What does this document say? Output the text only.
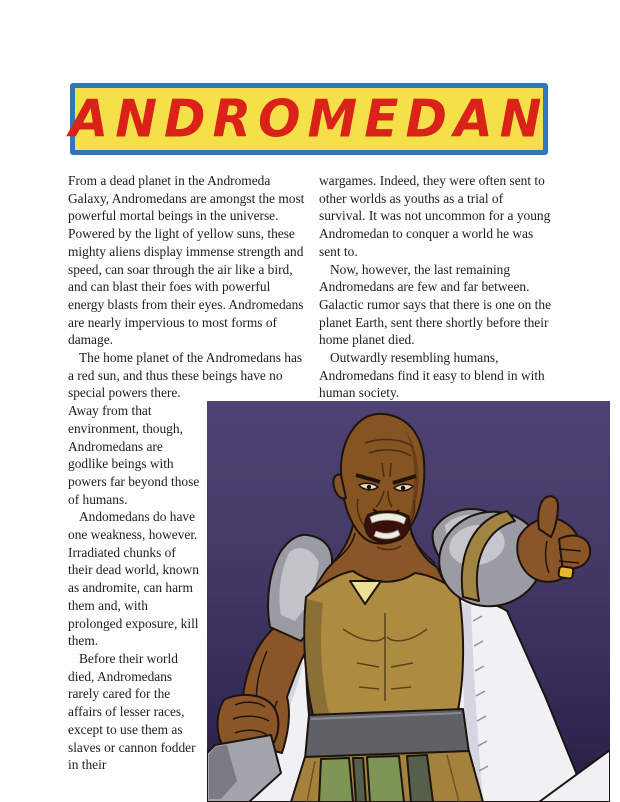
ANDROMEDAN

From a dead planet in the Andromeda Galaxy, Andromedans are amongst the most powerful mortal beings in the universe. Powered by the light of yellow suns, these mighty aliens display immense strength and speed, can soar through the air like a bird, and can blast their foes with powerful energy blasts from their eyes. Andromedans are nearly impervious to most forms of damage.

The home planet of the Andromedans has a red sun, and thus these beings have no special powers there. Away from that environment, though, Andromedans are godlike beings with powers far beyond those of humans.

Andomedans do have one weakness, however. Irradiated chunks of their dead world, known as andromite, can harm them and, with prolonged exposure, kill them.

Before their world died, Andromedans rarely cared for the affairs of lesser races, except to use them as slaves or cannon fodder in their

wargames. Indeed, they were often sent to other worlds as youths as a trial of survival. It was not uncommon for a young Andromedan to conquer a world he was sent to.

Now, however, the last remaining Andromedans are few and far between. Galactic rumor says that there is one on the planet Earth, sent there shortly before their home planet died.

Outwardly resembling humans, Andromedans find it easy to blend in with human society.
